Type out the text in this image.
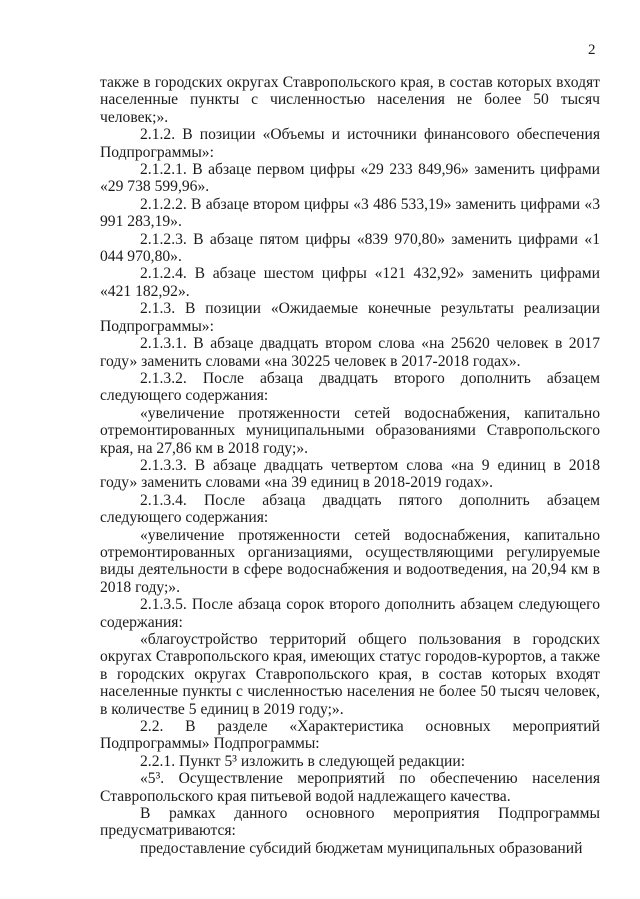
2

также в городских округах Ставропольского края, в состав которых входят населенные пункты с численностью населения не более 50 тысяч человек;».

2.1.2. В позиции «Объемы и источники финансового обеспечения Подпрограммы»:

2.1.2.1. В абзаце первом цифры «29 233 849,96» заменить цифрами «29 738 599,96».

2.1.2.2. В абзаце втором цифры «3 486 533,19» заменить цифрами «3 991 283,19».

2.1.2.3. В абзаце пятом цифры «839 970,80» заменить цифрами «1 044 970,80».

2.1.2.4. В абзаце шестом цифры «121 432,92» заменить цифрами «421 182,92».

2.1.3. В позиции «Ожидаемые конечные результаты реализации Подпрограммы»:

2.1.3.1. В абзаце двадцать втором слова «на 25620 человек в 2017 году» заменить словами «на 30225 человек в 2017-2018 годах».

2.1.3.2. После абзаца двадцать второго дополнить абзацем следующего содержания:

«увеличение протяженности сетей водоснабжения, капитально отремонтированных муниципальными образованиями Ставропольского края, на 27,86 км в 2018 году;».

2.1.3.3. В абзаце двадцать четвертом слова «на 9 единиц в 2018 году» заменить словами «на 39 единиц в 2018-2019 годах».

2.1.3.4. После абзаца двадцать пятого дополнить абзацем следующего содержания:

«увеличение протяженности сетей водоснабжения, капитально отремонтированных организациями, осуществляющими регулируемые виды деятельности в сфере водоснабжения и водоотведения, на 20,94 км в 2018 году;».

2.1.3.5. После абзаца сорок второго дополнить абзацем следующего содержания:

«благоустройство территорий общего пользования в городских округах Ставропольского края, имеющих статус городов-курортов, а также в городских округах Ставропольского края, в состав которых входят населенные пункты с численностью населения не более 50 тысяч человек, в количестве 5 единиц в 2019 году;».

2.2. В разделе «Характеристика основных мероприятий Подпрограммы» Подпрограммы:

2.2.1. Пункт 5³ изложить в следующей редакции:

«5³. Осуществление мероприятий по обеспечению населения Ставропольского края питьевой водой надлежащего качества.

В рамках данного основного мероприятия Подпрограммы предусматриваются:

предоставление субсидий бюджетам муниципальных образований
